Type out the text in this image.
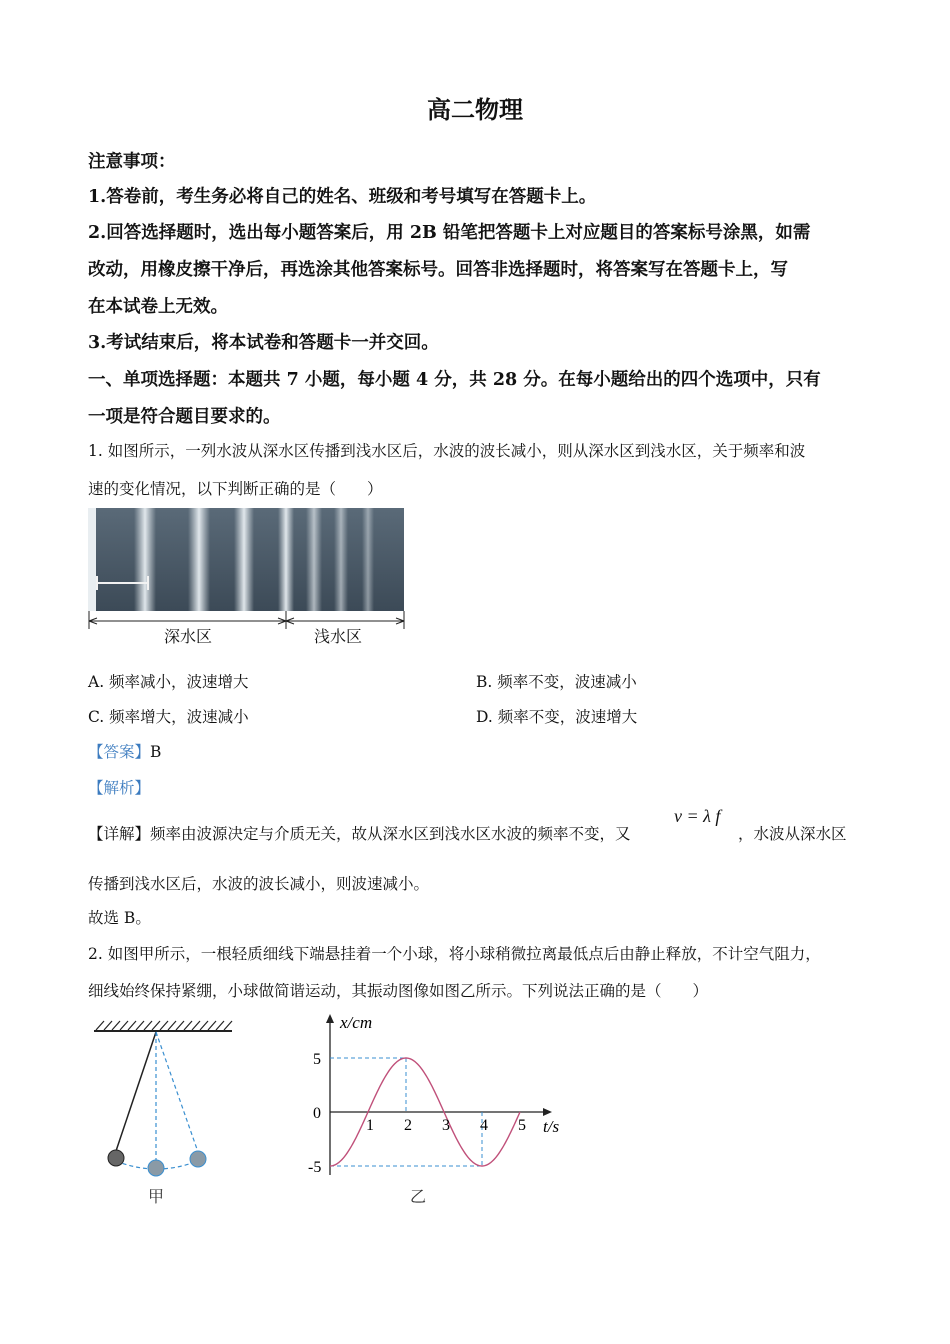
高二物理
注意事项：
1.答卷前，考生务必将自己的姓名、班级和考号填写在答题卡上。
2.回答选择题时，选出每小题答案后，用 2B 铅笔把答题卡上对应题目的答案标号涂黑，如需
改动，用橡皮擦干净后，再选涂其他答案标号。回答非选择题时，将答案写在答题卡上，写
在本试卷上无效。
3.考试结束后，将本试卷和答题卡一并交回。
一、单项选择题：本题共 7 小题，每小题 4 分，共 28 分。在每小题给出的四个选项中，只有
一项是符合题目要求的。
1. 如图所示，一列水波从深水区传播到浅水区后，水波的波长减小，则从深水区到浅水区，关于频率和波
速的变化情况，以下判断正确的是（　　）
深水区	浅水区
A. 频率减小，波速增大	B. 频率不变，波速减小
C. 频率增大，波速减小	D. 频率不变，波速增大
【答案】B
【解析】
【详解】频率由波源决定与介质无关，故从深水区到浅水区水波的频率不变，又
v = λ f
，水波从深水区
传播到浅水区后，水波的波长减小，则波速减小。
故选 B。
2. 如图甲所示，一根轻质细线下端悬挂着一个小球，将小球稍微拉离最低点后由静止释放，不计空气阻力，
细线始终保持紧绷，小球做简谐运动，其振动图像如图乙所示。下列说法正确的是（　　）
甲
x/cm
t/s
5
0
-5
1 2 3 4 5
乙
